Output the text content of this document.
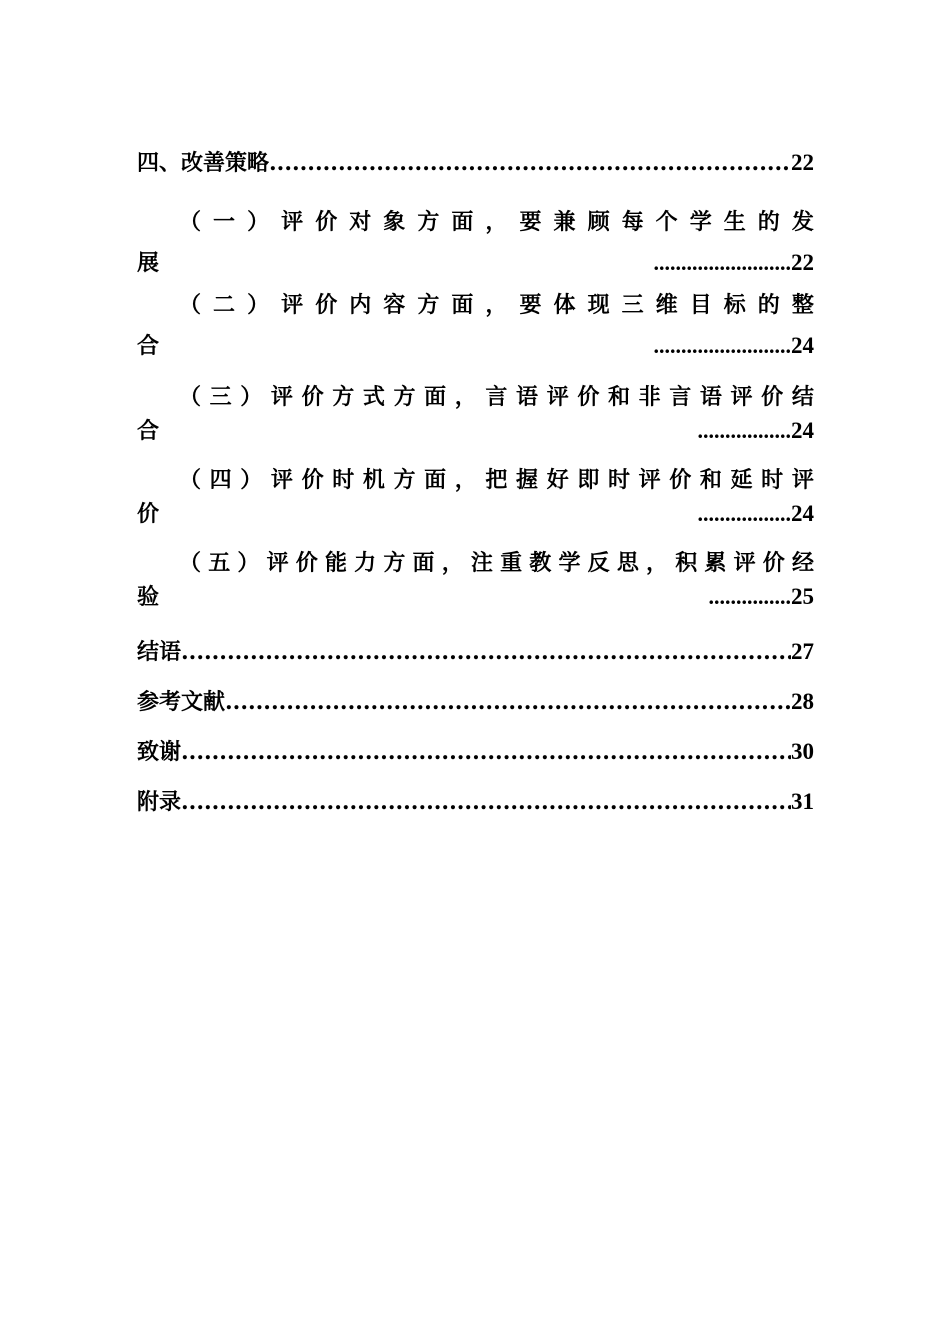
四、改善策略 .....	22
（ 一 ） 评 价 对 象 方 面 ， 要 兼 顾 每 个 学 生 的 发
展	......................... 22
（ 二 ） 评 价 内 容 方 面 ， 要 体 现 三 维 目 标 的 整
合	......................... 24
（ 三 ） 评 价 方 式 方 面 ， 言 语 评 价 和 非 言 语 评 价 结
合	................. 24
（ 四 ） 评 价 时 机 方 面 ， 把 握 好 即 时 评 价 和 延 时 评
价	................. 24
（ 五 ） 评 价 能 力 方 面 ， 注 重 教 学 反 思 ， 积 累 评 价 经
验	............... 25
结语 .....	27
参考文献 .....	28
致谢 .....	30
附录 .....	31
